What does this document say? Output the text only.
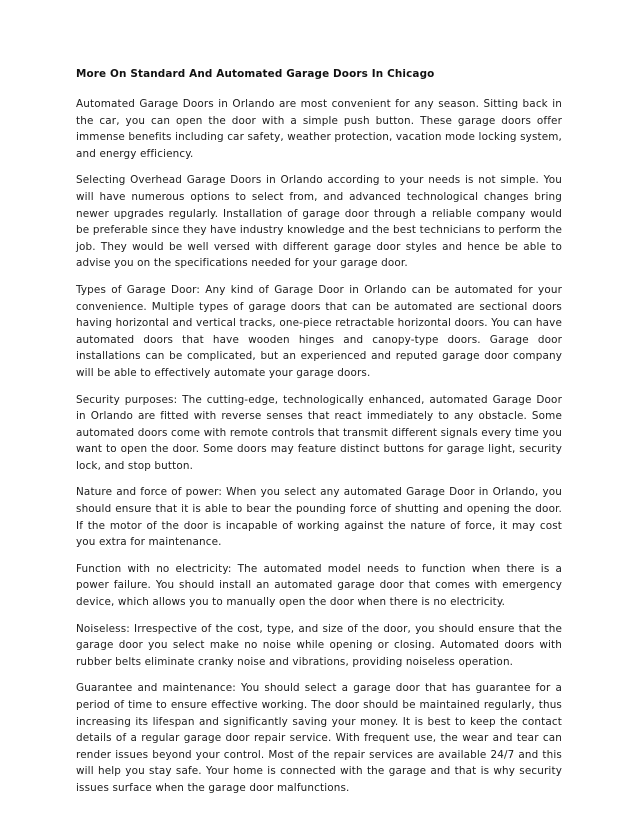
More On Standard And Automated Garage Doors In Chicago

Automated Garage Doors in Orlando are most convenient for any season. Sitting back in the car, you can open the door with a simple push button. These garage doors offer immense benefits including car safety, weather protection, vacation mode locking system, and energy efficiency.

Selecting Overhead Garage Doors in Orlando according to your needs is not simple. You will have numerous options to select from, and advanced technological changes bring newer upgrades regularly. Installation of garage door through a reliable company would be preferable since they have industry knowledge and the best technicians to perform the job. They would be well versed with different garage door styles and hence be able to advise you on the specifications needed for your garage door.

Types of Garage Door: Any kind of Garage Door in Orlando can be automated for your convenience. Multiple types of garage doors that can be automated are sectional doors having horizontal and vertical tracks, one-piece retractable horizontal doors. You can have automated doors that have wooden hinges and canopy-type doors. Garage door installations can be complicated, but an experienced and reputed garage door company will be able to effectively automate your garage doors.

Security purposes: The cutting-edge, technologically enhanced, automated Garage Door in Orlando are fitted with reverse senses that react immediately to any obstacle. Some automated doors come with remote controls that transmit different signals every time you want to open the door. Some doors may feature distinct buttons for garage light, security lock, and stop button.

Nature and force of power: When you select any automated Garage Door in Orlando, you should ensure that it is able to bear the pounding force of shutting and opening the door. If the motor of the door is incapable of working against the nature of force, it may cost you extra for maintenance.

Function with no electricity: The automated model needs to function when there is a power failure. You should install an automated garage door that comes with emergency device, which allows you to manually open the door when there is no electricity.

Noiseless: Irrespective of the cost, type, and size of the door, you should ensure that the garage door you select make no noise while opening or closing. Automated doors with rubber belts eliminate cranky noise and vibrations, providing noiseless operation.

Guarantee and maintenance: You should select a garage door that has guarantee for a period of time to ensure effective working. The door should be maintained regularly, thus increasing its lifespan and significantly saving your money. It is best to keep the contact details of a regular garage door repair service. With frequent use, the wear and tear can render issues beyond your control. Most of the repair services are available 24/7 and this will help you stay safe. Your home is connected with the garage and that is why security issues surface when the garage door malfunctions.
